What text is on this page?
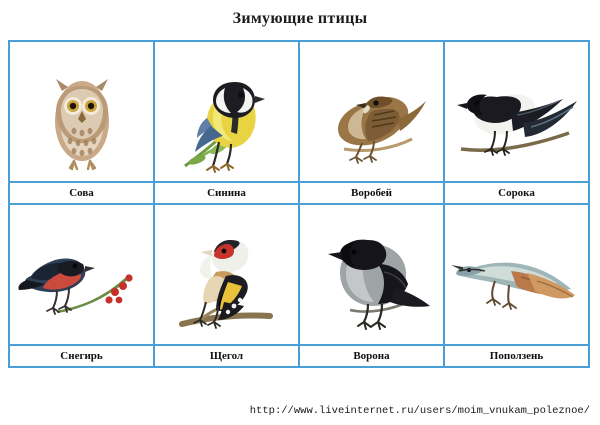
Зимующие птицы
Сова	Синина	Воробей	Сорока
Снегирь	Щегол	Ворона	Поползень
http://www.liveinternet.ru/users/moim_vnukam_poleznoe/
